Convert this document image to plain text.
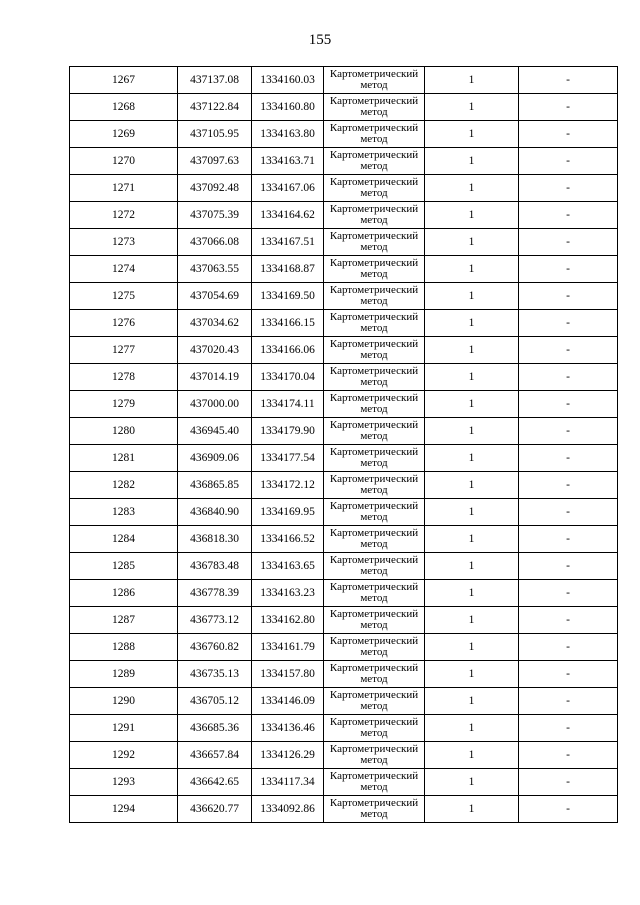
155
1267	437137.08	1334160.03	Картометрический
метод	1	-
1268	437122.84	1334160.80	Картометрический
метод	1	-
1269	437105.95	1334163.80	Картометрический
метод	1	-
1270	437097.63	1334163.71	Картометрический
метод	1	-
1271	437092.48	1334167.06	Картометрический
метод	1	-
1272	437075.39	1334164.62	Картометрический
метод	1	-
1273	437066.08	1334167.51	Картометрический
метод	1	-
1274	437063.55	1334168.87	Картометрический
метод	1	-
1275	437054.69	1334169.50	Картометрический
метод	1	-
1276	437034.62	1334166.15	Картометрический
метод	1	-
1277	437020.43	1334166.06	Картометрический
метод	1	-
1278	437014.19	1334170.04	Картометрический
метод	1	-
1279	437000.00	1334174.11	Картометрический
метод	1	-
1280	436945.40	1334179.90	Картометрический
метод	1	-
1281	436909.06	1334177.54	Картометрический
метод	1	-
1282	436865.85	1334172.12	Картометрический
метод	1	-
1283	436840.90	1334169.95	Картометрический
метод	1	-
1284	436818.30	1334166.52	Картометрический
метод	1	-
1285	436783.48	1334163.65	Картометрический
метод	1	-
1286	436778.39	1334163.23	Картометрический
метод	1	-
1287	436773.12	1334162.80	Картометрический
метод	1	-
1288	436760.82	1334161.79	Картометрический
метод	1	-
1289	436735.13	1334157.80	Картометрический
метод	1	-
1290	436705.12	1334146.09	Картометрический
метод	1	-
1291	436685.36	1334136.46	Картометрический
метод	1	-
1292	436657.84	1334126.29	Картометрический
метод	1	-
1293	436642.65	1334117.34	Картометрический
метод	1	-
1294	436620.77	1334092.86	Картометрический
метод	1	-
